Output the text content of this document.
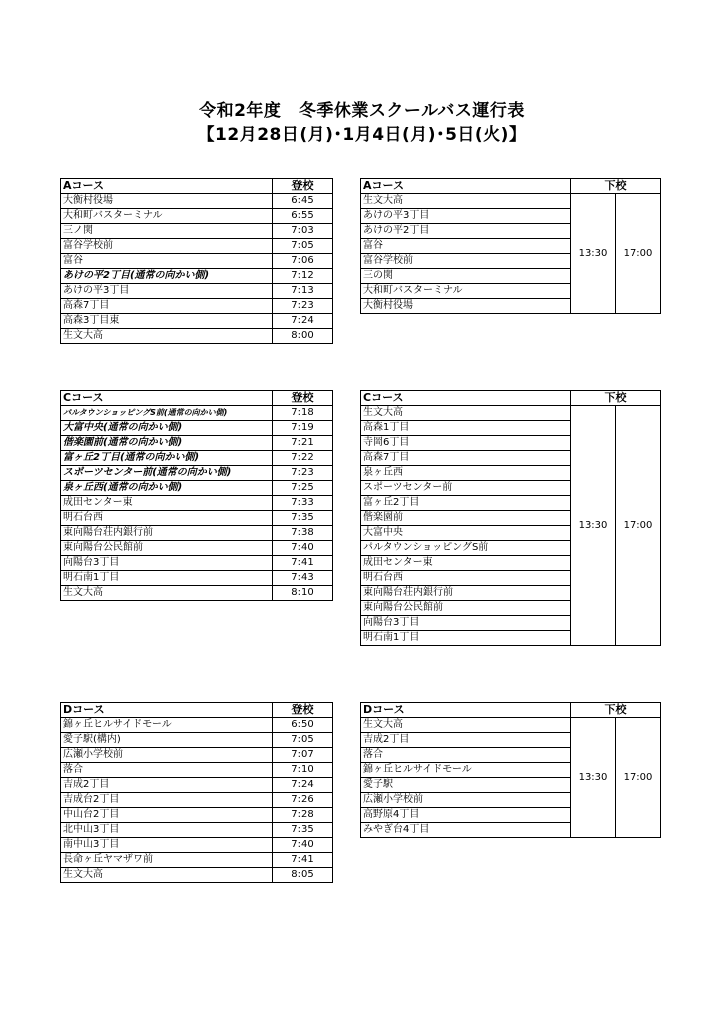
令和2年度　冬季休業スクールバス運行表
【12月28日(月)･1月4日(月)･5日(火)】
Aコース	登校
大衡村役場	6:45
大和町バスターミナル	6:55
三ノ関	7:03
富谷学校前	7:05
富谷	7:06
あけの平2丁目(通常の向かい側)	7:12
あけの平3丁目	7:13
高森7丁目	7:23
高森3丁目東	7:24
生文大高	8:00
Aコース	下校	
生文大高	13:30	17:00
あけの平3丁目		
あけの平2丁目		
富谷		
富谷学校前		
三の関		
大和町バスターミナル		
大衡村役場		
Cコース	登校
パルタウンショッピングS前(通常の向かい側)	7:18
大富中央(通常の向かい側)	7:19
偕楽園前(通常の向かい側)	7:21
富ヶ丘2丁目(通常の向かい側)	7:22
スポーツセンター前(通常の向かい側)	7:23
泉ヶ丘西(通常の向かい側)	7:25
成田センター東	7:33
明石台西	7:35
東向陽台荘内銀行前	7:38
東向陽台公民館前	7:40
向陽台3丁目	7:41
明石南1丁目	7:43
生文大高	8:10
Cコース	下校	
生文大高	13:30	17:00
高森1丁目		
寺岡6丁目		
高森7丁目		
泉ヶ丘西		
スポーツセンター前		
富ヶ丘2丁目		
偕楽園前		
大富中央		
パルタウンショッピングS前		
成田センター東		
明石台西		
東向陽台荘内銀行前		
東向陽台公民館前		
向陽台3丁目		
明石南1丁目		
Dコース	登校
錦ヶ丘ヒルサイドモール	6:50
愛子駅(構内)	7:05
広瀬小学校前	7:07
落合	7:10
吉成2丁目	7:24
吉成台2丁目	7:26
中山台2丁目	7:28
北中山3丁目	7:35
南中山3丁目	7:40
長命ヶ丘ヤマザワ前	7:41
生文大高	8:05
Dコース	下校	
生文大高	13:30	17:00
吉成2丁目		
落合		
錦ヶ丘ヒルサイドモール		
愛子駅		
広瀬小学校前		
高野原4丁目		
みやぎ台4丁目		
